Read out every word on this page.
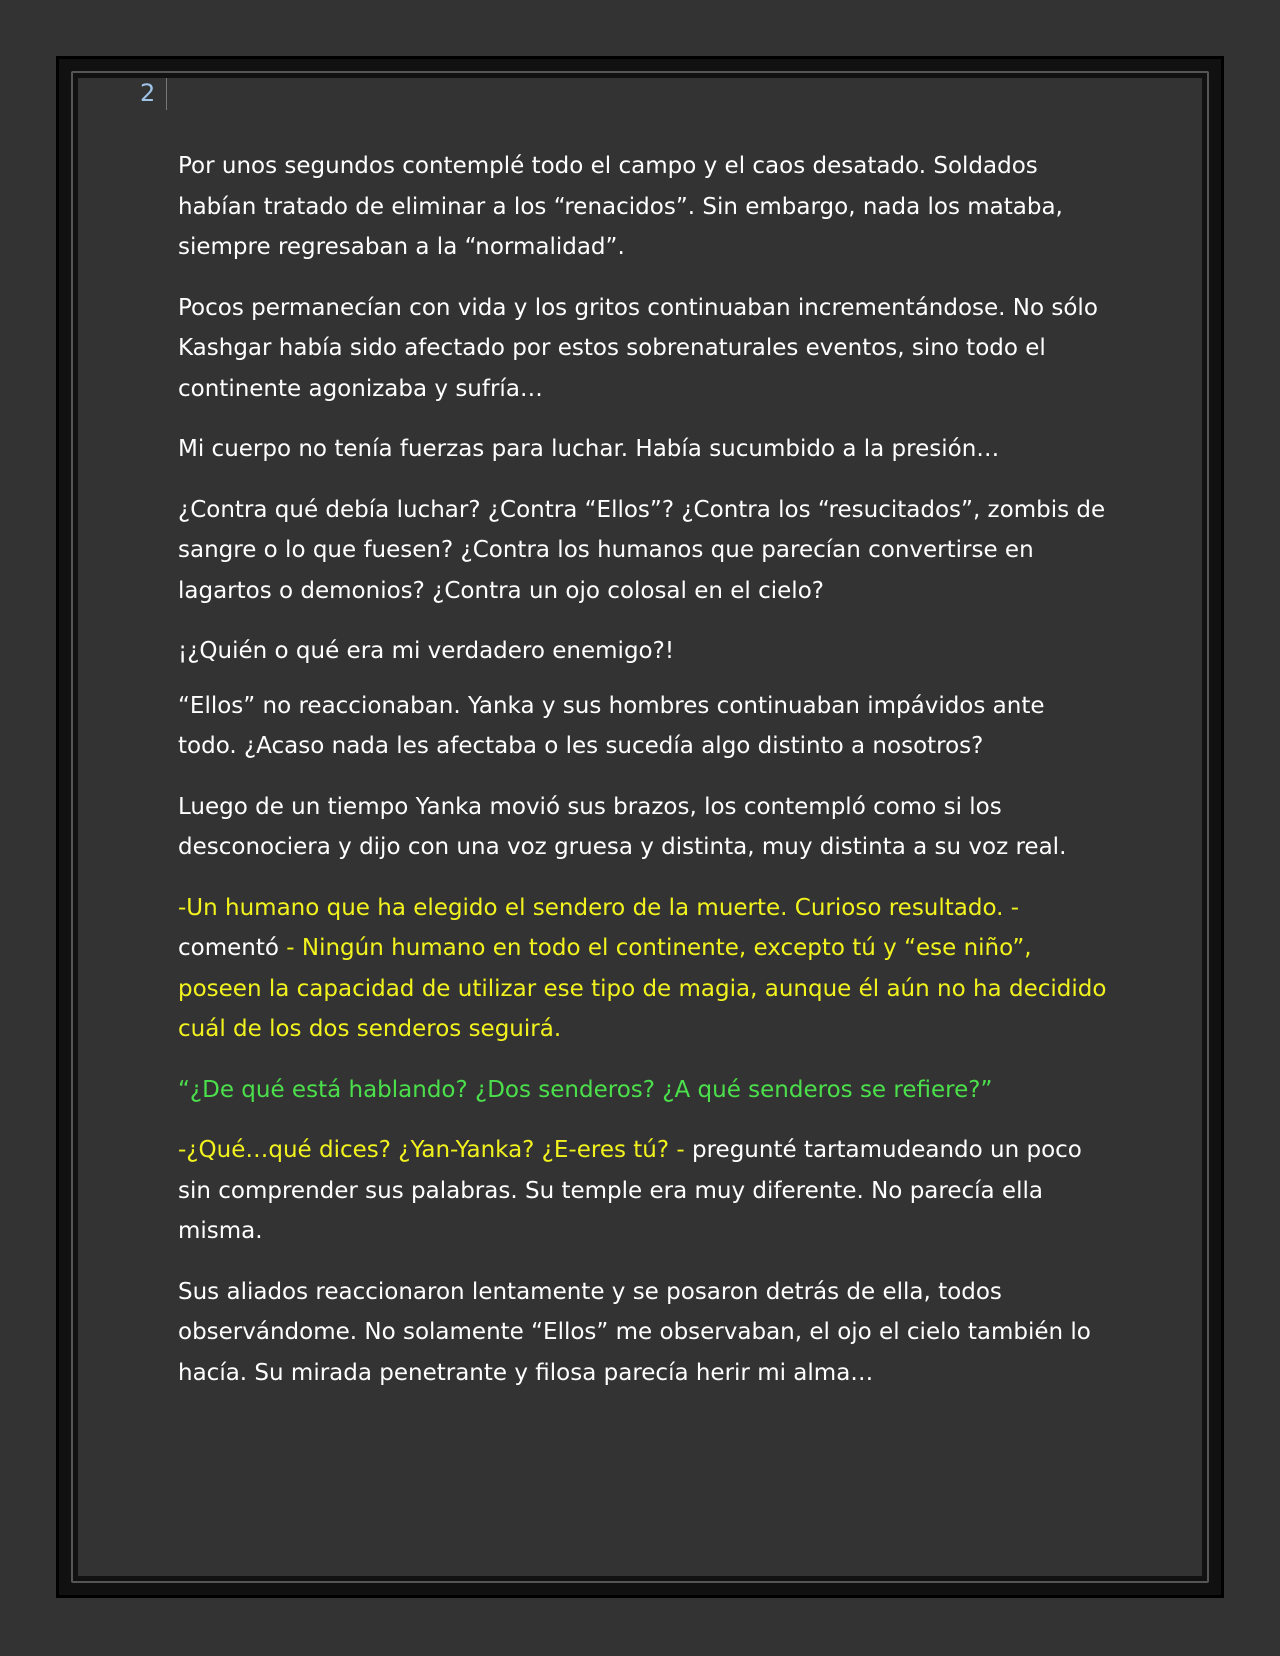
2

Por unos segundos contemplé todo el campo y el caos desatado. Soldados habían tratado de eliminar a los “renacidos”. Sin embargo, nada los mataba, siempre regresaban a la “normalidad”.

Pocos permanecían con vida y los gritos continuaban incrementándose. No sólo Kashgar había sido afectado por estos sobrenaturales eventos, sino todo el continente agonizaba y sufría…

Mi cuerpo no tenía fuerzas para luchar. Había sucumbido a la presión…

¿Contra qué debía luchar? ¿Contra “Ellos”? ¿Contra los “resucitados”, zombis de sangre o lo que fuesen? ¿Contra los humanos que parecían convertirse en lagartos o demonios? ¿Contra un ojo colosal en el cielo?

¡¿Quién o qué era mi verdadero enemigo?!

“Ellos” no reaccionaban. Yanka y sus hombres continuaban impávidos ante todo. ¿Acaso nada les afectaba o les sucedía algo distinto a nosotros?

Luego de un tiempo Yanka movió sus brazos, los contempló como si los desconociera y dijo con una voz gruesa y distinta, muy distinta a su voz real.

-Un humano que ha elegido el sendero de la muerte. Curioso resultado. -
comentó - Ningún humano en todo el continente, excepto tú y “ese niño”, poseen la capacidad de utilizar ese tipo de magia, aunque él aún no ha decidido cuál de los dos senderos seguirá.

“¿De qué está hablando? ¿Dos senderos? ¿A qué senderos se refiere?”

-¿Qué…qué dices? ¿Yan-Yanka? ¿E-eres tú? - pregunté tartamudeando un poco sin comprender sus palabras. Su temple era muy diferente. No parecía ella misma.

Sus aliados reaccionaron lentamente y se posaron detrás de ella, todos observándome. No solamente “Ellos” me observaban, el ojo el cielo también lo hacía. Su mirada penetrante y filosa parecía herir mi alma…
